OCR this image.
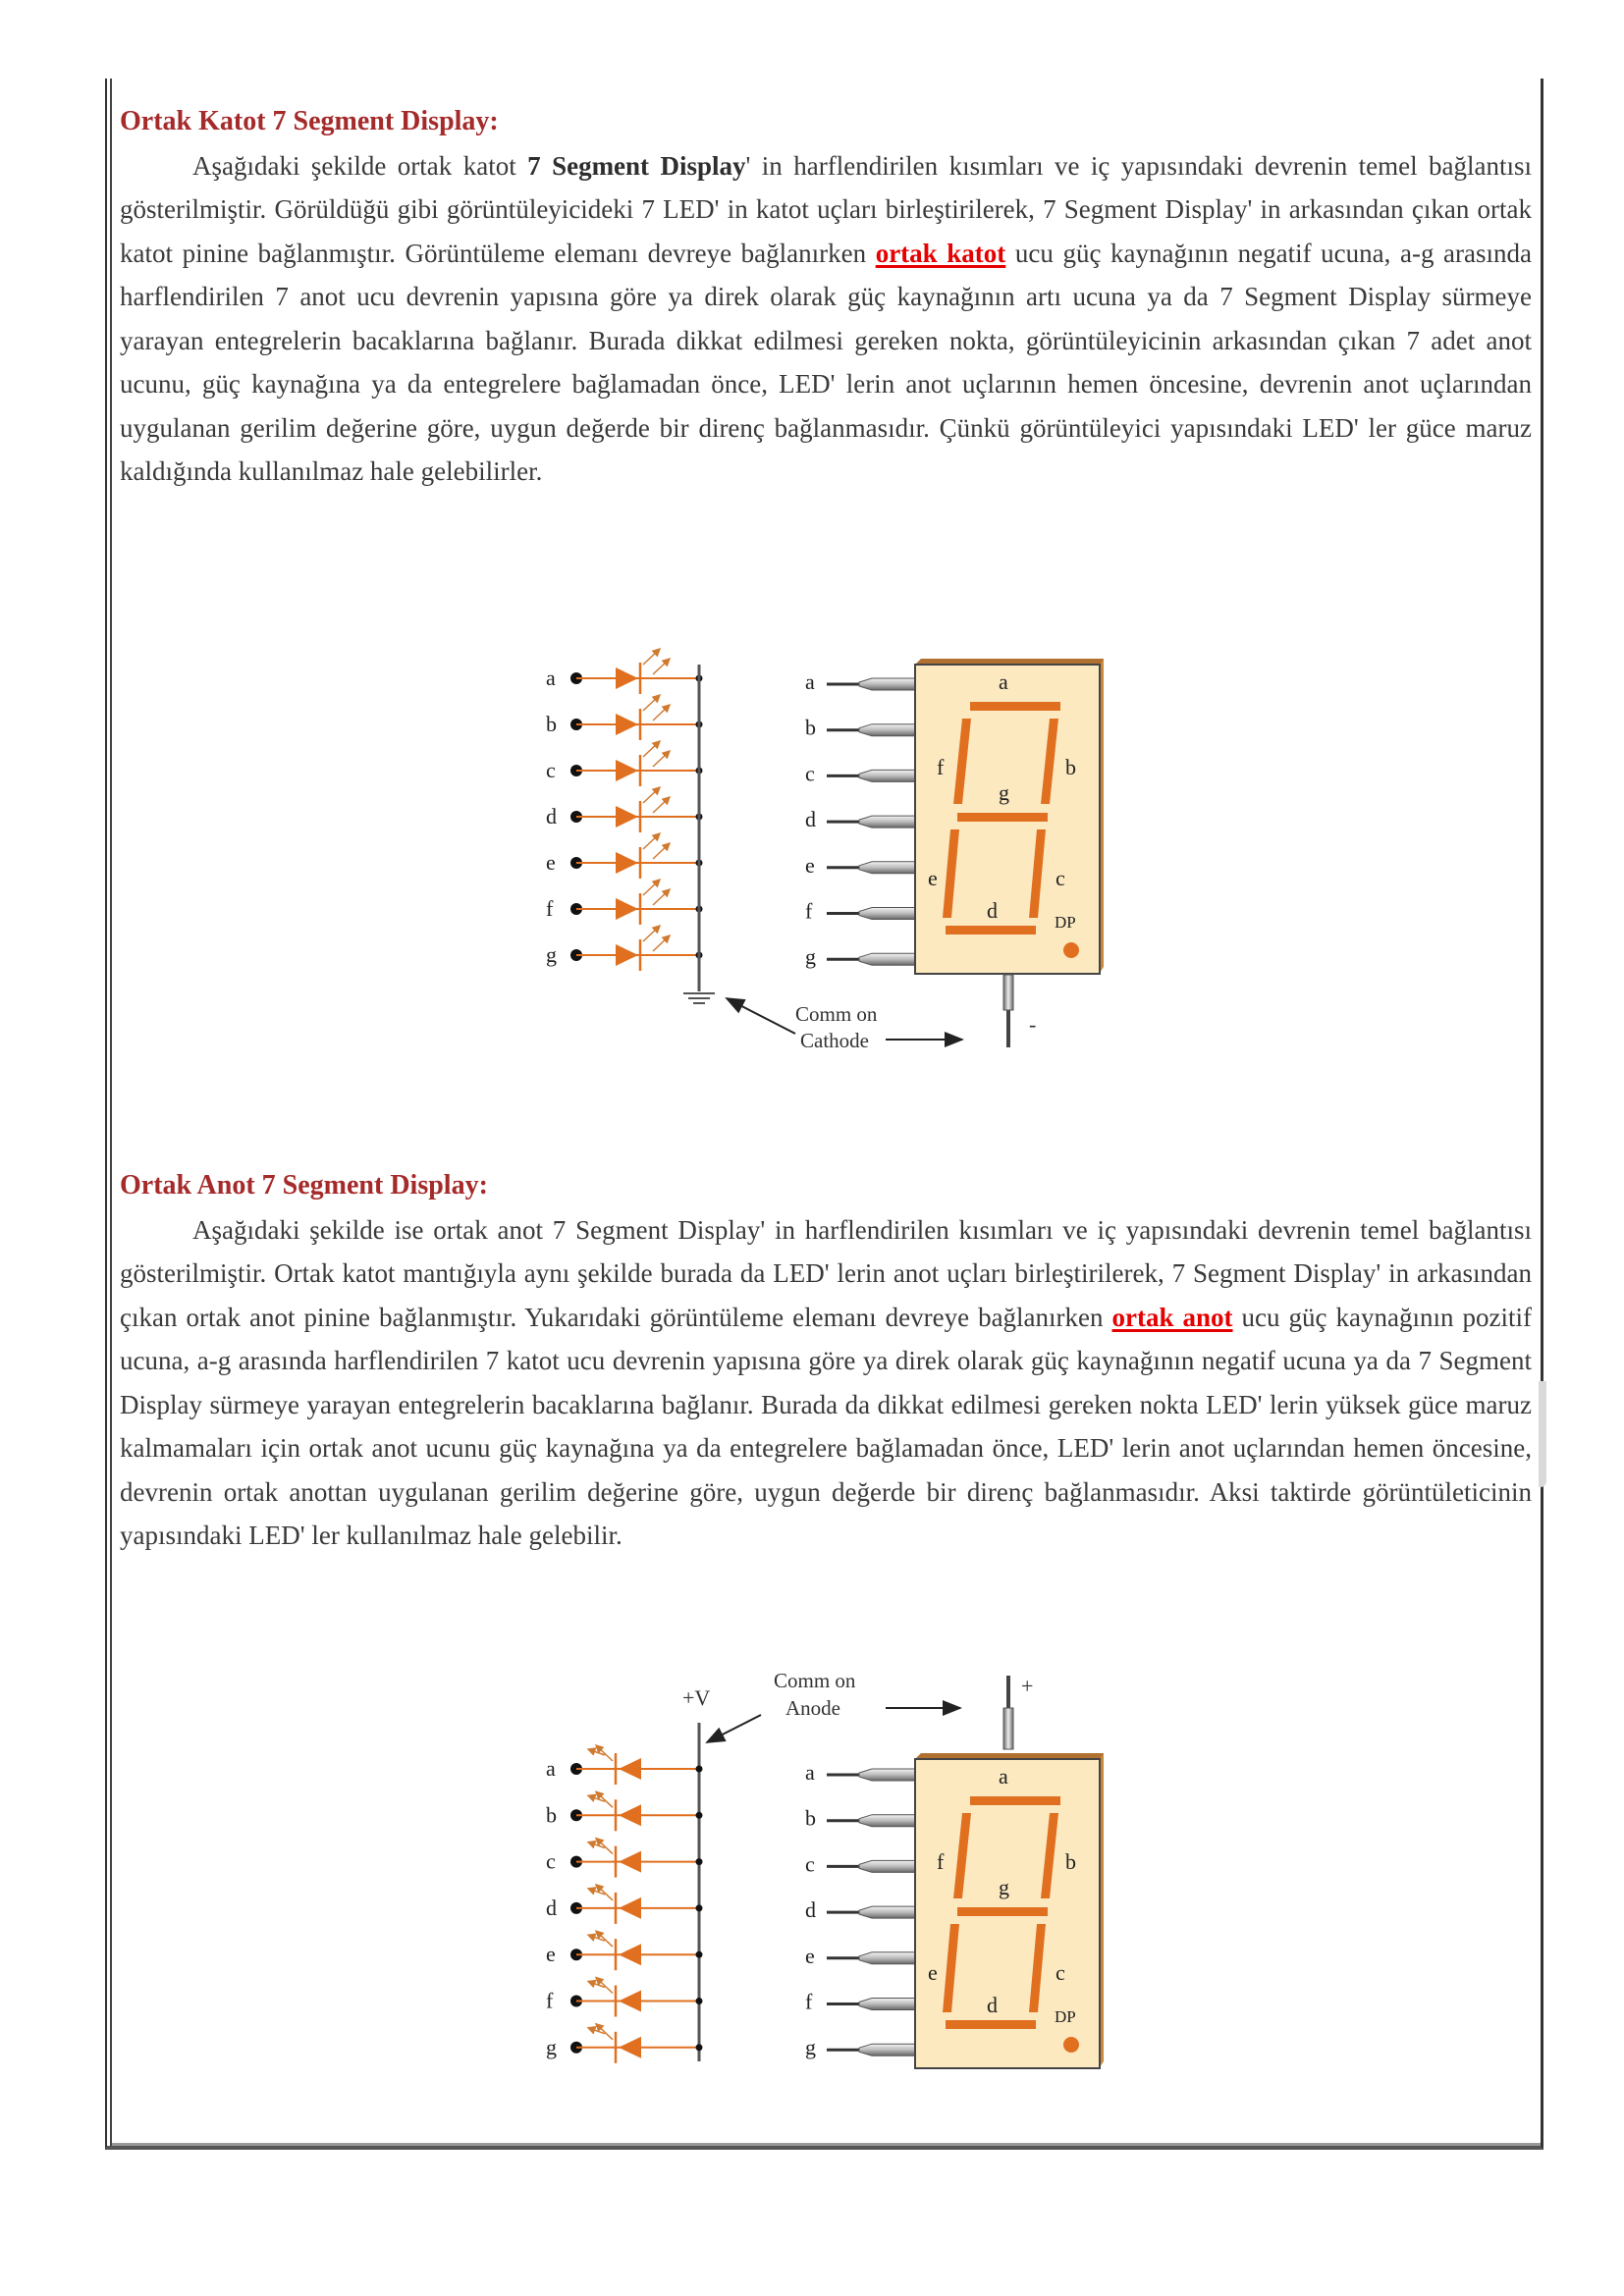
Ortak Katot 7 Segment Display:

Aşağıdaki şekilde ortak katot 7 Segment Display' in harflendirilen kısımları ve iç yapısındaki devrenin temel bağlantısı gösterilmiştir. Görüldüğü gibi görüntüleyicideki 7 LED' in katot uçları birleştirilerek, 7 Segment Display' in arkasından çıkan ortak katot pinine bağlanmıştır. Görüntüleme elemanı devreye bağlanırken ortak katot ucu güç kaynağının negatif ucuna, a-g arasında harflendirilen 7 anot ucu devrenin yapısına göre ya direk olarak güç kaynağının artı ucuna ya da 7 Segment Display sürmeye yarayan entegrelerin bacaklarına bağlanır. Burada dikkat edilmesi gereken nokta, görüntüleyicinin arkasından çıkan 7 adet anot ucunu, güç kaynağına ya da entegrelere bağlamadan önce, LED' lerin anot uçlarının hemen öncesine, devrenin anot uçlarından uygulanan gerilim değerine göre, uygun değerde bir direnç bağlanmasıdır. Çünkü görüntüleyici yapısındaki LED' ler güce maruz kaldığında kullanılmaz hale gelebilirler.

a
b
c
d
e
f
g
a
b
c
d
e
f
g
a
f	b
g
e	c
d	DP
-
Comm on
Cathode
Ortak Anot 7 Segment Display:

Aşağıdaki şekilde ise ortak anot 7 Segment Display' in harflendirilen kısımları ve iç yapısındaki devrenin temel bağlantısı gösterilmiştir. Ortak katot mantığıyla aynı şekilde burada da LED' lerin anot uçları birleştirilerek, 7 Segment Display' in arkasından çıkan ortak anot pinine bağlanmıştır. Yukarıdaki görüntüleme elemanı devreye bağlanırken ortak anot ucu güç kaynağının pozitif ucuna, a-g arasında harflendirilen 7 katot ucu devrenin yapısına göre ya direk olarak güç kaynağının negatif ucuna ya da 7 Segment Display sürmeye yarayan entegrelerin bacaklarına bağlanır. Burada da dikkat edilmesi gereken nokta LED' lerin yüksek güce maruz kalmamaları için ortak anot ucunu güç kaynağına ya da entegrelere bağlamadan önce, LED' lerin anot uçlarından hemen öncesine, devrenin ortak anottan uygulanan gerilim değerine göre, uygun değerde bir direnç bağlanmasıdır. Aksi taktirde görüntületicinin yapısındaki LED' ler kullanılmaz hale gelebilir.

+V
a
b
c
d
e
f
g
Comm on
Anode
+
a
b
c
d
e
f
g
a
f	b
g
e	c
d	DP
